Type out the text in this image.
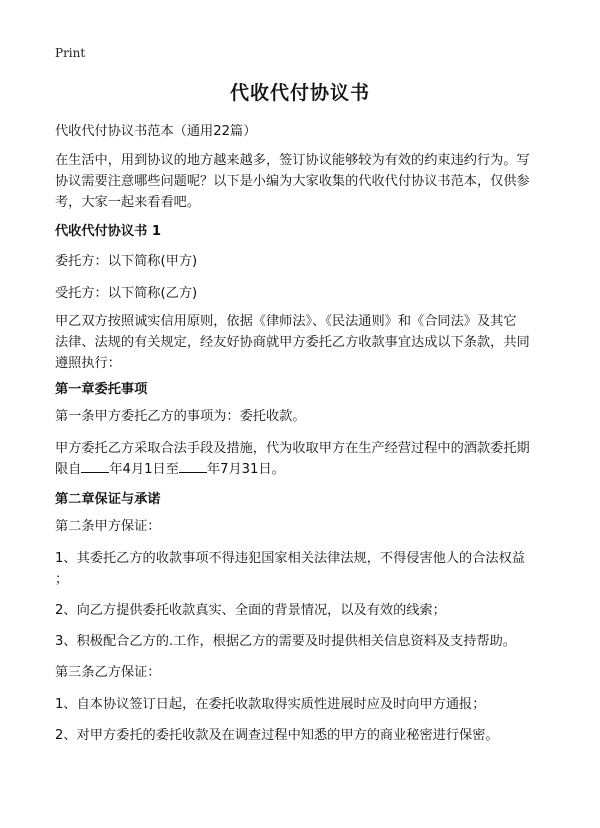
Print
代收代付协议书

代收代付协议书范本（通用22篇）

在生活中，用到协议的地方越来越多，签订协议能够较为有效的约束违约行为。写

协议需要注意哪些问题呢？以下是小编为大家收集的代收代付协议书范本，仅供参

考，大家一起来看看吧。

代收代付协议书 1

委托方：以下简称(甲方)

受托方：以下简称(乙方)

甲乙双方按照诚实信用原则，依据《律师法》、《民法通则》和《合同法》及其它

法律、法规的有关规定，经友好协商就甲方委托乙方收款事宜达成以下条款，共同

遵照执行：

第一章委托事项

第一条甲方委托乙方的事项为：委托收款。

甲方委托乙方采取合法手段及措施，代为收取甲方在生产经营过程中的酒款委托期

限自 年4月1日至 年7月31日。

第二章保证与承诺

第二条甲方保证：

1、其委托乙方的收款事项不得违犯国家相关法律法规，不得侵害他人的合法权益

；

2、向乙方提供委托收款真实、全面的背景情况，以及有效的线索；

3、积极配合乙方的.工作，根据乙方的需要及时提供相关信息资料及支持帮助。

第三条乙方保证：

1、自本协议签订日起，在委托收款取得实质性进展时应及时向甲方通报；

2、对甲方委托的委托收款及在调查过程中知悉的甲方的商业秘密进行保密。
